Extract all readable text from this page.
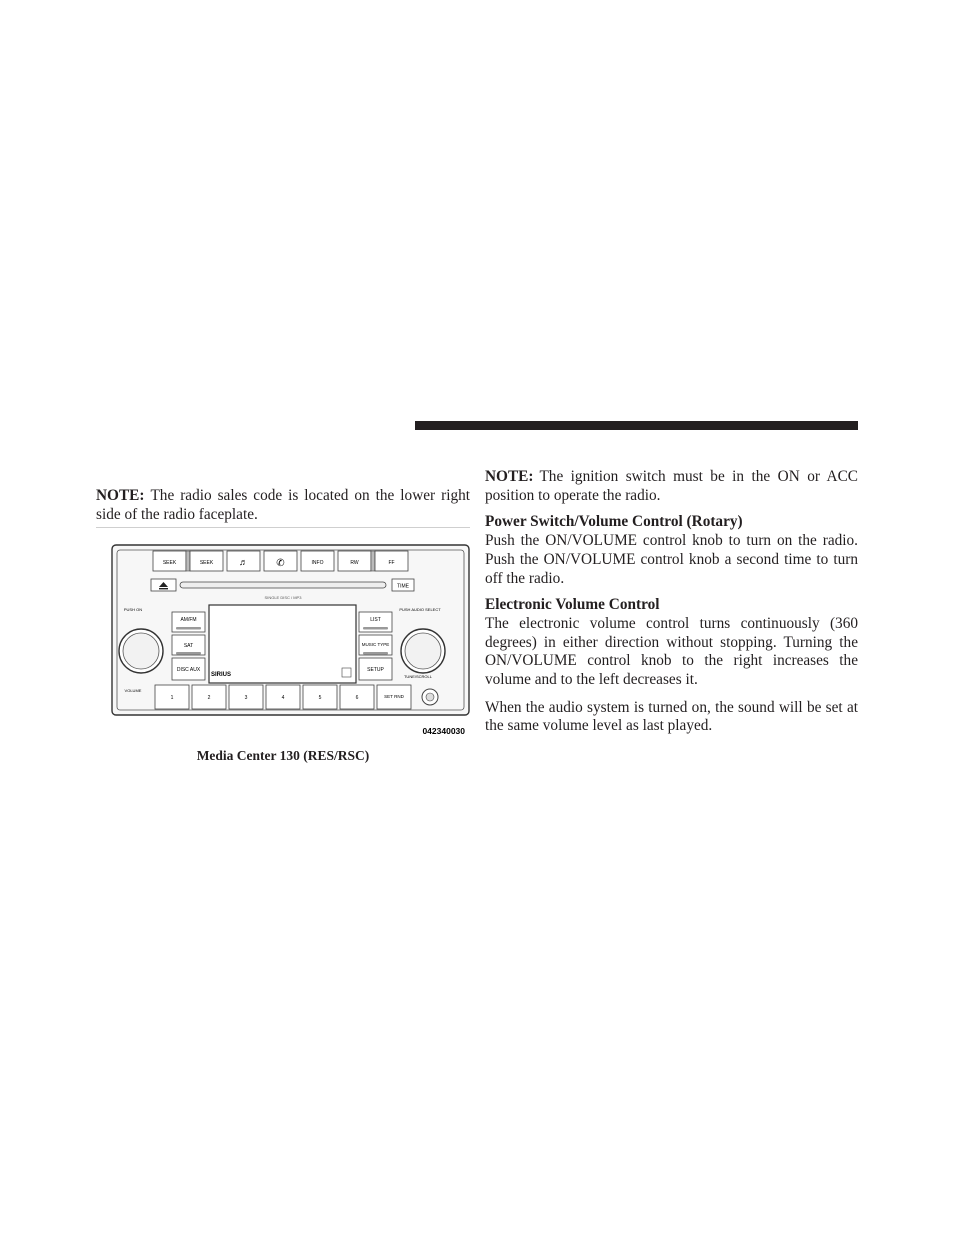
NOTE: The radio sales code is located on the lower right side of the radio faceplate.

SEEK	SEEK	♬	✆	INFO	RW	FF
SINGLE DISC / MP3
TIME
PUSH ON
VOLUME
AM/FM
SAT
DISC AUX
SIRIUS
LIST
MUSIC TYPE
SETUP
PUSH AUDIO SELECT
TUNE/SCROLL
1	2	3	4	5	6	SET RND
042340030
Media Center 130 (RES/RSC)

NOTE: The ignition switch must be in the ON or ACC position to operate the radio.

Power Switch/Volume Control (Rotary)

Push the ON/VOLUME control knob to turn on the radio. Push the ON/VOLUME control knob a second time to turn off the radio.

Electronic Volume Control

The electronic volume control turns continuously (360 degrees) in either direction without stopping. Turning the ON/VOLUME control knob to the right increases the volume and to the left decreases it.

When the audio system is turned on, the sound will be set at the same volume level as last played.
